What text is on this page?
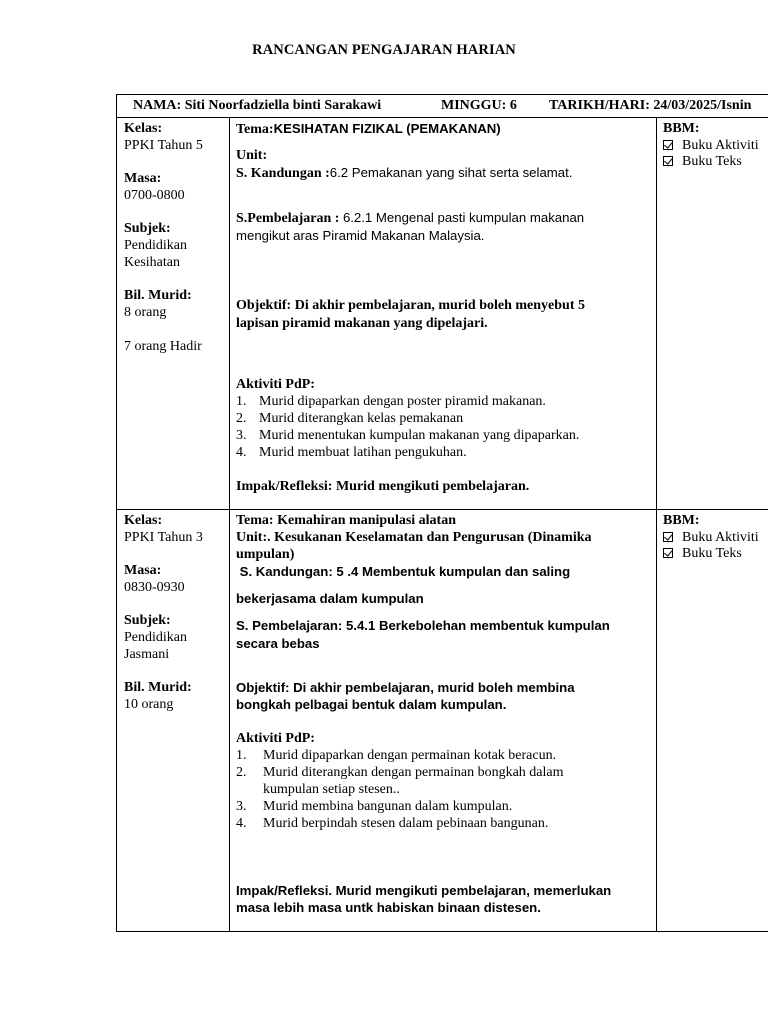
RANCANGAN PENGAJARAN HARIAN
NAMA: Siti Noorfadziella binti Sarakawi	MINGGU: 6 TARIKH/HARI: 24/03/2025/Isnin
Kelas:
PPKI Tahun 5
Masa:
0700-0800
Subjek:
Pendidikan
Kesihatan
Bil. Murid:
8 orang
7 orang Hadir
Tema:KESIHATAN FIZIKAL (PEMAKANAN)
Unit:
S. Kandungan :6.2 Pemakanan yang sihat serta selamat.
S.Pembelajaran : 6.2.1 Mengenal pasti kumpulan makanan
mengikut aras Piramid Makanan Malaysia.
Objektif: Di akhir pembelajaran, murid boleh menyebut 5
lapisan piramid makanan yang dipelajari.
Aktiviti PdP:
1. Murid dipaparkan dengan poster piramid makanan.
2. Murid diterangkan kelas pemakanan
3. Murid menentukan kumpulan makanan yang dipaparkan.
4. Murid membuat latihan pengukuhan.
Impak/Refleksi: Murid mengikuti pembelajaran.
BBM:
Buku Aktiviti
Buku Teks
Kelas:
PPKI Tahun 3
Masa:
0830-0930
Subjek:
Pendidikan
Jasmani
Bil. Murid:
10 orang
Tema: Kemahiran manipulasi alatan
Unit:. Kesukanan Keselamatan dan Pengurusan (Dinamika
umpulan)
S. Kandungan: 5 .4 Membentuk kumpulan dan saling
bekerjasama dalam kumpulan
S. Pembelajaran: 5.4.1 Berkebolehan membentuk kumpulan
secara bebas
Objektif: Di akhir pembelajaran, murid boleh membina
bongkah pelbagai bentuk dalam kumpulan.
Aktiviti PdP:
1. Murid dipaparkan dengan permainan kotak beracun.
2. Murid diterangkan dengan permainan bongkah dalam
kumpulan setiap stesen..
3. Murid membina bangunan dalam kumpulan.
4. Murid berpindah stesen dalam pebinaan bangunan.
Impak/Refleksi. Murid mengikuti pembelajaran, memerlukan
masa lebih masa untk habiskan binaan distesen.
BBM:
Buku Aktiviti
Buku Teks
